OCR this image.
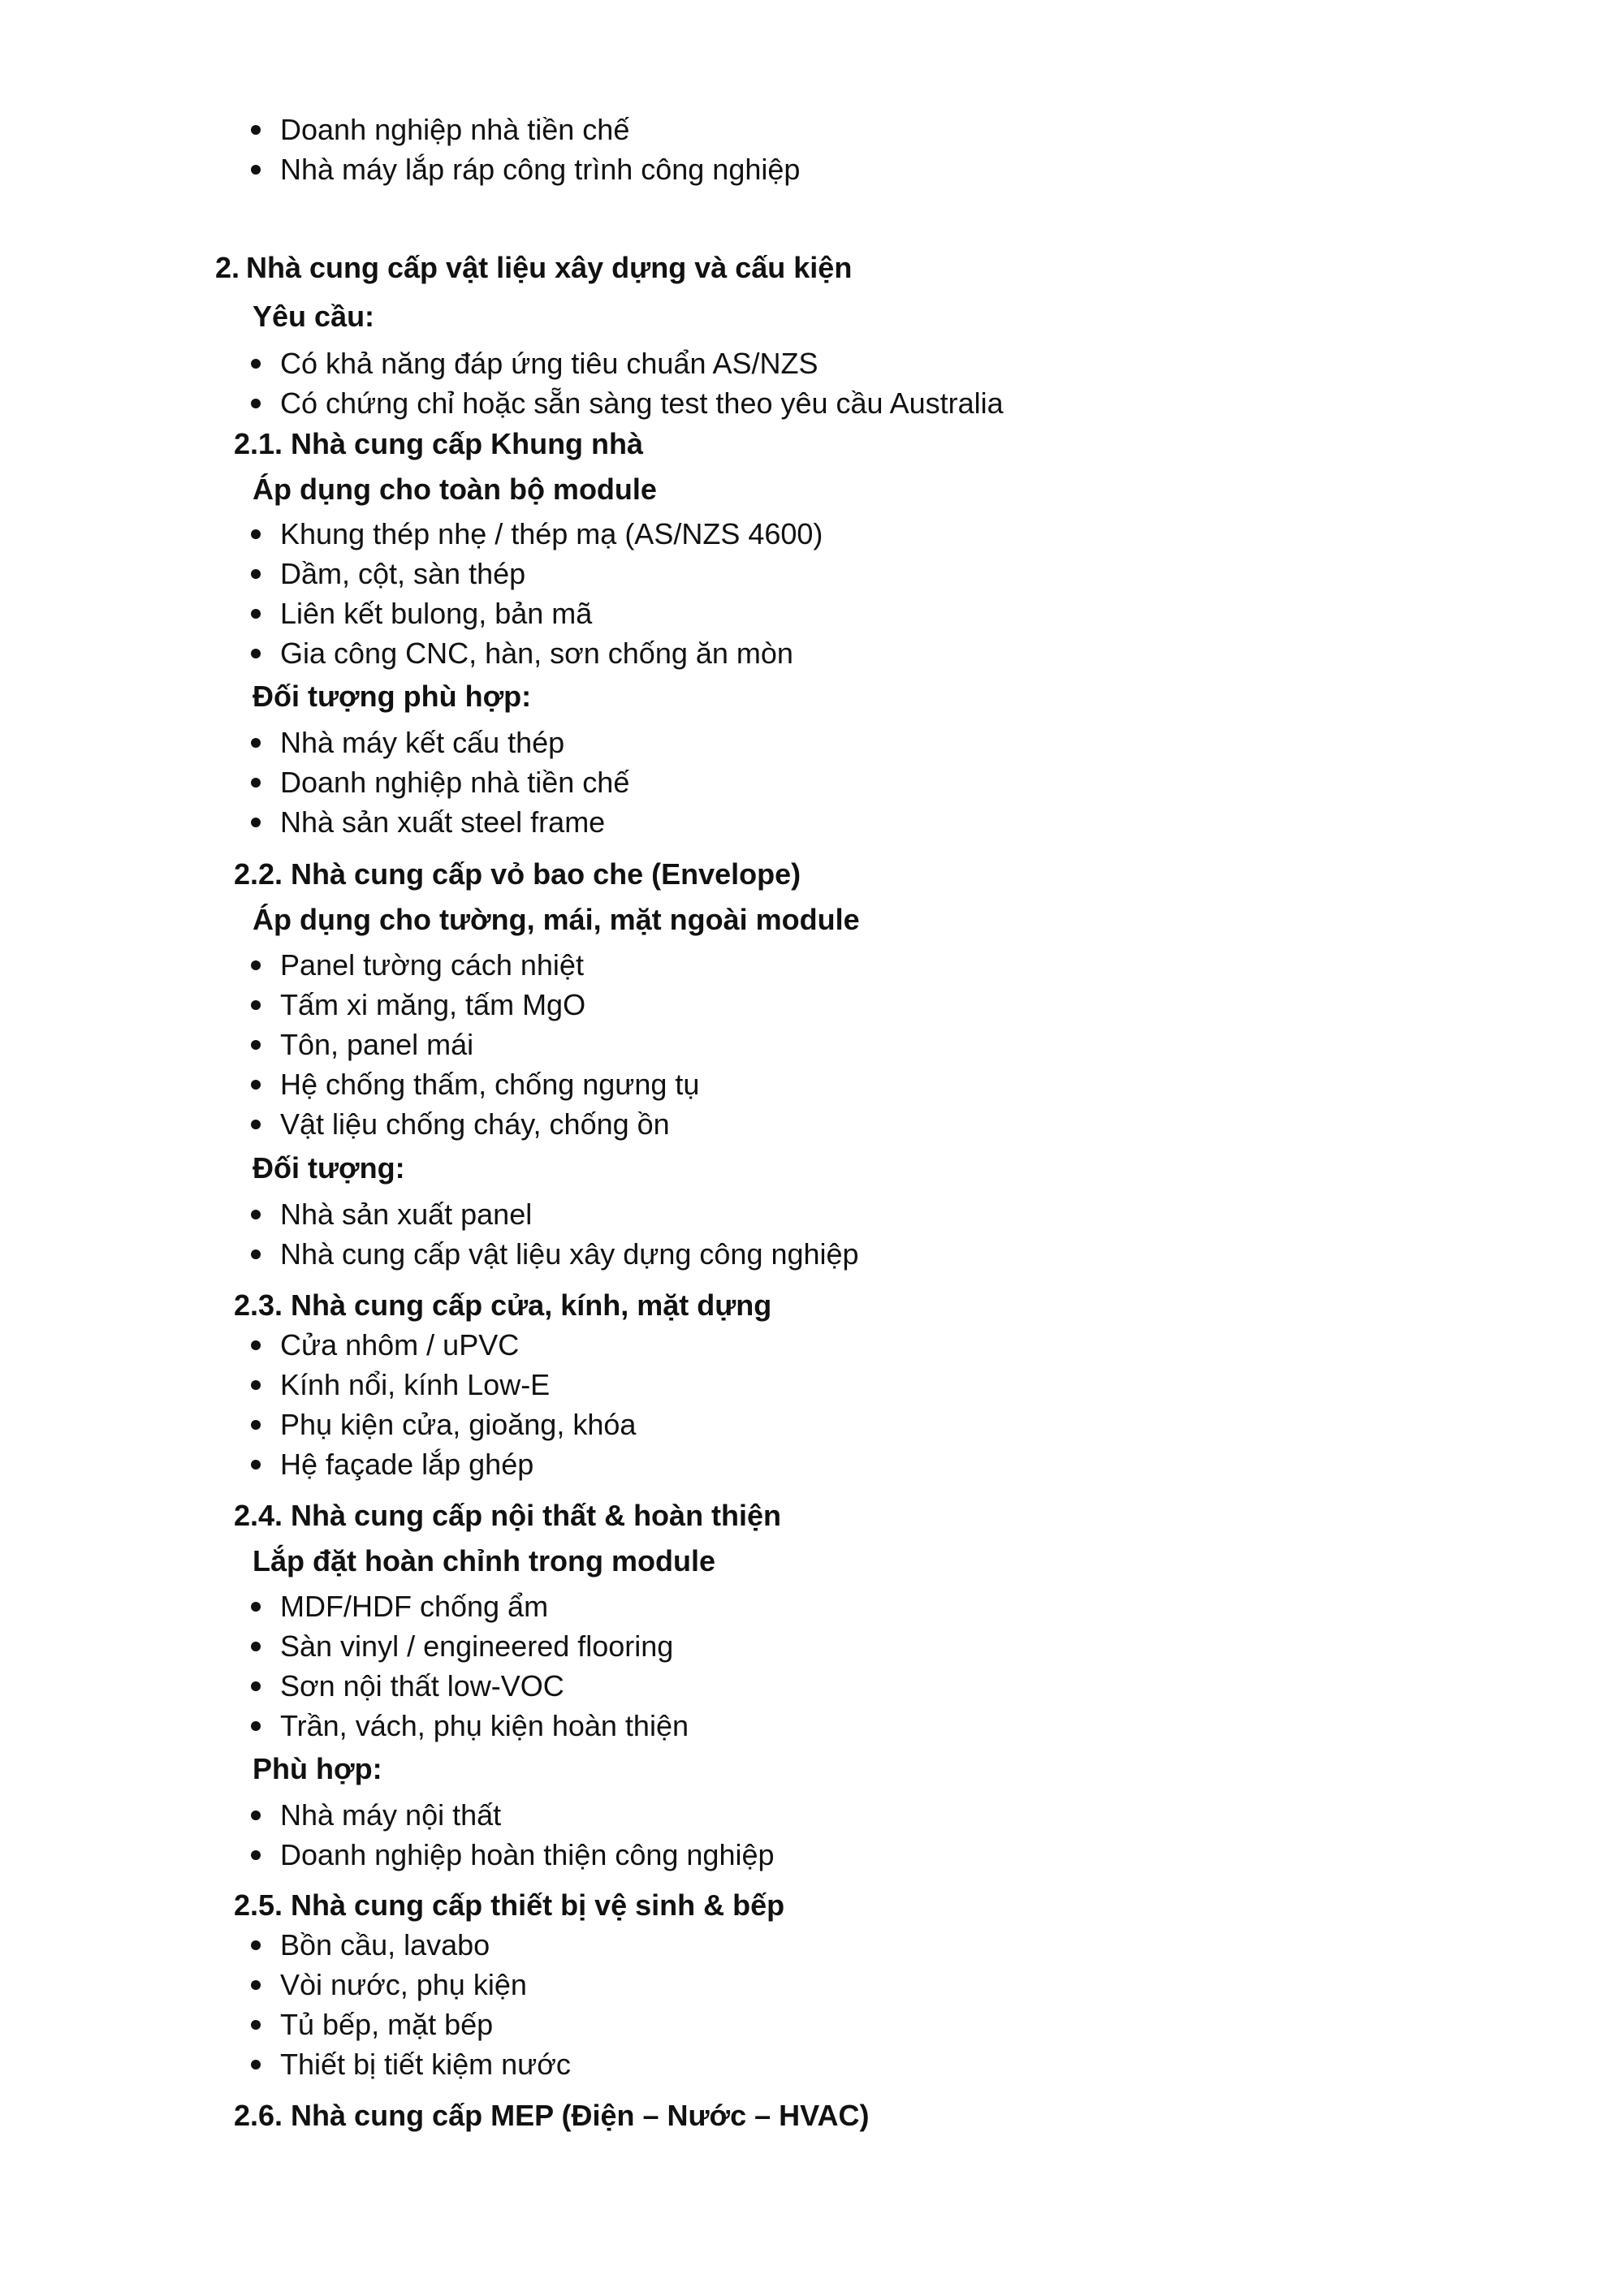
Doanh nghiệp nhà tiền chế
Nhà máy lắp ráp công trình công nghiệp
2. Nhà cung cấp vật liệu xây dựng và cấu kiện
Yêu cầu:
Có khả năng đáp ứng tiêu chuẩn AS/NZS
Có chứng chỉ hoặc sẵn sàng test theo yêu cầu Australia
2.1. Nhà cung cấp Khung nhà
Áp dụng cho toàn bộ module
Khung thép nhẹ / thép mạ (AS/NZS 4600)
Dầm, cột, sàn thép
Liên kết bulong, bản mã
Gia công CNC, hàn, sơn chống ăn mòn
Đối tượng phù hợp:
Nhà máy kết cấu thép
Doanh nghiệp nhà tiền chế
Nhà sản xuất steel frame
2.2. Nhà cung cấp vỏ bao che (Envelope)
Áp dụng cho tường, mái, mặt ngoài module
Panel tường cách nhiệt
Tấm xi măng, tấm MgO
Tôn, panel mái
Hệ chống thấm, chống ngưng tụ
Vật liệu chống cháy, chống ồn
Đối tượng:
Nhà sản xuất panel
Nhà cung cấp vật liệu xây dựng công nghiệp
2.3. Nhà cung cấp cửa, kính, mặt dựng
Cửa nhôm / uPVC
Kính nổi, kính Low-E
Phụ kiện cửa, gioăng, khóa
Hệ façade lắp ghép
2.4. Nhà cung cấp nội thất & hoàn thiện
Lắp đặt hoàn chỉnh trong module
MDF/HDF chống ẩm
Sàn vinyl / engineered flooring
Sơn nội thất low-VOC
Trần, vách, phụ kiện hoàn thiện
Phù hợp:
Nhà máy nội thất
Doanh nghiệp hoàn thiện công nghiệp
2.5. Nhà cung cấp thiết bị vệ sinh & bếp
Bồn cầu, lavabo
Vòi nước, phụ kiện
Tủ bếp, mặt bếp
Thiết bị tiết kiệm nước
2.6. Nhà cung cấp MEP (Điện – Nước – HVAC)
